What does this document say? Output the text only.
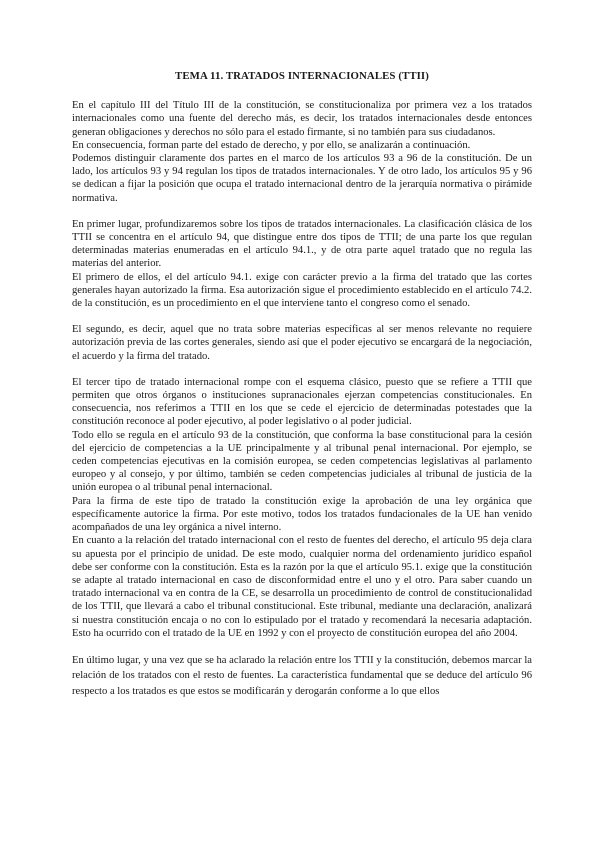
TEMA 11. TRATADOS INTERNACIONALES (TTII)

En el capítulo III del Título III de la constitución, se constitucionaliza por primera vez a los tratados internacionales como una fuente del derecho más, es decir, los tratados internacionales desde entonces generan obligaciones y derechos no sólo para el estado firmante, si no también para sus ciudadanos.

En consecuencia, forman parte del estado de derecho, y por ello, se analizarán a continuación.

Podemos distinguir claramente dos partes en el marco de los artículos 93 a 96 de la constitución. De un lado, los artículos 93 y 94 regulan los tipos de tratados internacionales. Y de otro lado, los artículos 95 y 96 se dedican a fijar la posición que ocupa el tratado internacional dentro de la jerarquía normativa o pirámide normativa.

En primer lugar, profundizaremos sobre los tipos de tratados internacionales. La clasificación clásica de los TTII se concentra en el artículo 94, que distingue entre dos tipos de TTII; de una parte los que regulan determinadas materias enumeradas en el artículo 94.1., y de otra parte aquel tratado que no regula las materias del anterior.

El primero de ellos, el del artículo 94.1. exige con carácter previo a la firma del tratado que las cortes generales hayan autorizado la firma. Esa autorización sigue el procedimiento establecido en el artículo 74.2. de la constitución, es un procedimiento en el que interviene tanto el congreso como el senado.

El segundo, es decir, aquel que no trata sobre materias específicas al ser menos relevante no requiere autorización previa de las cortes generales, siendo así que el poder ejecutivo se encargará de la negociación, el acuerdo y la firma del tratado.

El tercer tipo de tratado internacional rompe con el esquema clásico, puesto que se refiere a TTII que permiten que otros órganos o instituciones supranacionales ejerzan competencias constitucionales. En consecuencia, nos referimos a TTII en los que se cede el ejercicio de determinadas potestades que la constitución reconoce al poder ejecutivo, al poder legislativo o al poder judicial.

Todo ello se regula en el artículo 93 de la constitución, que conforma la base constitucional para la cesión del ejercicio de competencias a la UE principalmente y al tribunal penal internacional. Por ejemplo, se ceden competencias ejecutivas en la comisión europea, se ceden competencias legislativas al parlamento europeo y al consejo, y por último, también se ceden competencias judiciales al tribunal de justicia de la unión europea o al tribunal penal internacional.

Para la firma de este tipo de tratado la constitución exige la aprobación de una ley orgánica que específicamente autorice la firma. Por este motivo, todos los tratados fundacionales de la UE han venido acompañados de una ley orgánica a nivel interno.

En cuanto a la relación del tratado internacional con el resto de fuentes del derecho, el artículo 95 deja clara su apuesta por el principio de unidad. De este modo, cualquier norma del ordenamiento jurídico español debe ser conforme con la constitución. Esta es la razón por la que el artículo 95.1. exige que la constitución se adapte al tratado internacional en caso de disconformidad entre el uno y el otro. Para saber cuando un tratado internacional va en contra de la CE, se desarrolla un procedimiento de control de constitucionalidad de los TTII, que llevará a cabo el tribunal constitucional. Este tribunal, mediante una declaración, analizará si nuestra constitución encaja o no con lo estipulado por el tratado y recomendará la necesaria adaptación. Esto ha ocurrido con el tratado de la UE en 1992 y con el proyecto de constitución europea del año 2004.

En último lugar, y una vez que se ha aclarado la relación entre los TTII y la constitución, debemos marcar la relación de los tratados con el resto de fuentes. La característica fundamental que se deduce del artículo 96 respecto a los tratados es que estos se modificarán y derogarán conforme a lo que ellos
